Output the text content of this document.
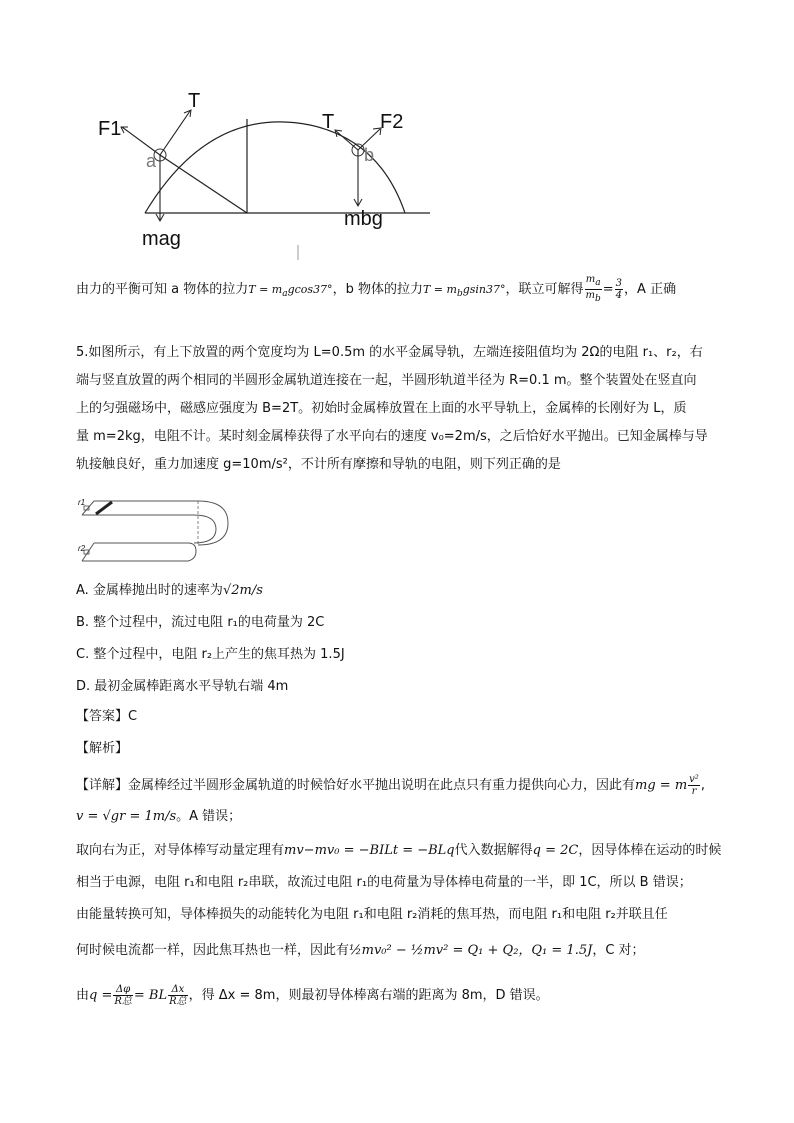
F1
T
a
T F2
b
mag
mbg
由力的平衡可知 a 物体的拉力$T = m_agcos37^\circ$，b 物体的拉力$T = m_bgsin37^\circ$，联立可解得 $\frac{m_a}{m_b} = \frac{3}{4}$ ，A 正确
5.如图所示，有上下放置的两个宽度均为 L=0.5m 的水平金属导轨，左端连接阻值均为 2Ω的电阻 r₁、r₂，右
端与竖直放置的两个相同的半圆形金属轨道连接在一起，半圆形轨道半径为 R=0.1 m。整个装置处在竖直向
上的匀强磁场中，磁感应强度为 B=2T。初始时金属棒放置在上面的水平导轨上，金属棒的长刚好为 L，质
量 m=2kg，电阻不计。某时刻金属棒获得了水平向右的速度 v₀=2m/s，之后恰好水平抛出。已知金属棒与导
轨接触良好，重力加速度 g=10m/s²，不计所有摩擦和导轨的电阻，则下列正确的是
r1
r2
A. 金属棒抛出时的速率为√2m/s
B. 整个过程中，流过电阻 r₁的电荷量为 2C
C. 整个过程中，电阻 r₂上产生的焦耳热为 1.5J
D. 最初金属棒距离水平导轨右端 4m
【答案】C
【解析】
【详解】金属棒经过半圆形金属轨道的时候恰好水平抛出说明在此点只有重力提供向心力，因此有mg = m $\frac{\text{v²}}{r}$ ,
v = √gr = 1m/s。A 错误；
取向右为正，对导体棒写动量定理有mv−mv₀ = −BILt = −BLq代入数据解得q = 2C，因导体棒在运动的时候
相当于电源，电阻 r₁和电阻 r₂串联，故流过电阻 r₁的电荷量为导体棒电荷量的一半，即 1C，所以 B 错误；
由能量转换可知，导体棒损失的动能转化为电阻 r₁和电阻 r₂消耗的焦耳热，而电阻 r₁和电阻 r₂并联且任
何时候电流都一样，因此焦耳热也一样，因此有½mv₀² − ½mv² = Q₁ + Q₂，Q₁ = 1.5J，C 对；
由$q = \frac{\Delta\varphi}{\text{R总}}$ = BL $\frac{\Delta x}{\text{R总}}$ ，得 Δx = 8m，则最初导体棒离右端的距离为 8m，D 错误。
